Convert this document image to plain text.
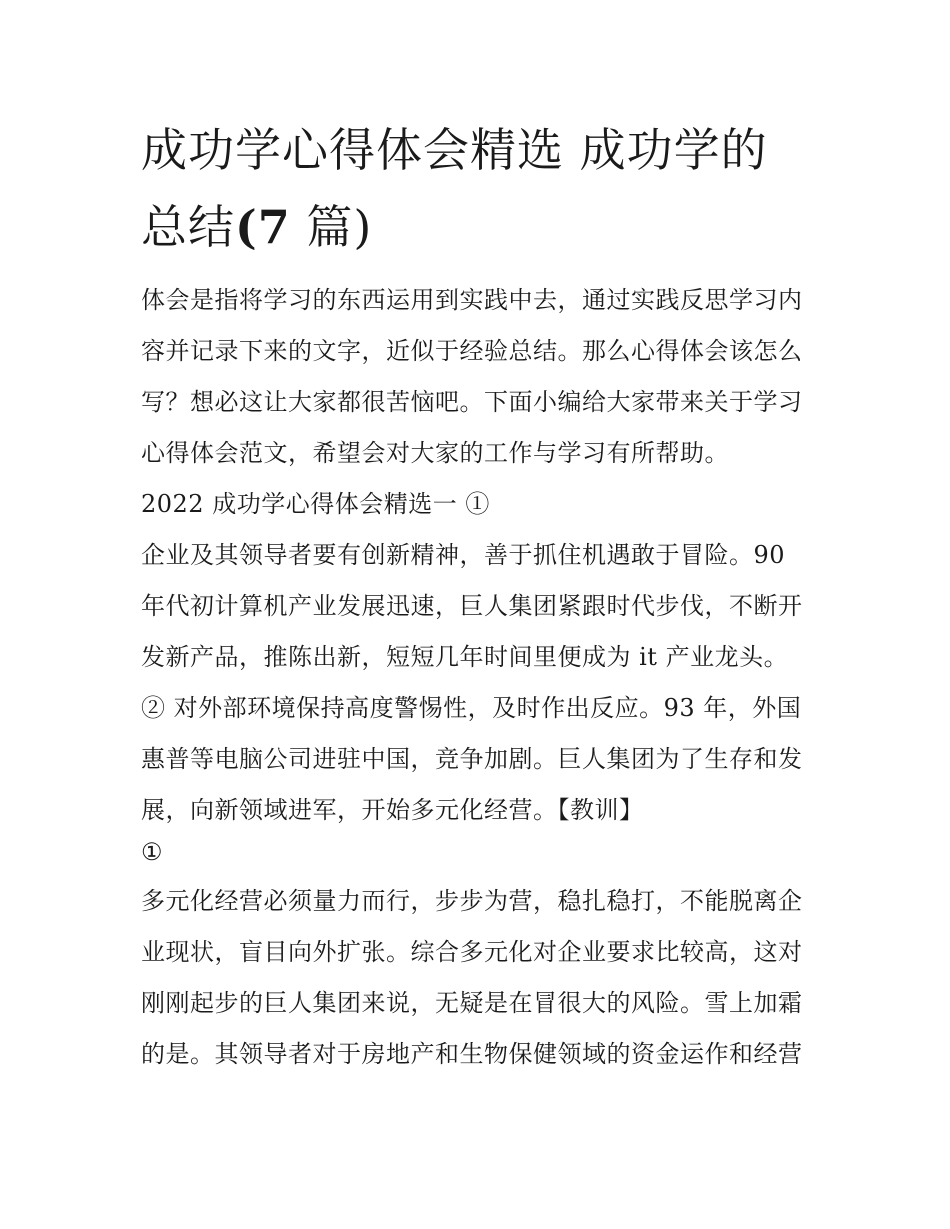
成功学心得体会精选 成功学的
总结(7 篇)

体会是指将学习的东西运用到实践中去，通过实践反思学习内

容并记录下来的文字，近似于经验总结。那么心得体会该怎么

写？想必这让大家都很苦恼吧。下面小编给大家带来关于学习

心得体会范文，希望会对大家的工作与学习有所帮助。

2022 成功学心得体会精选一 ①

企业及其领导者要有创新精神，善于抓住机遇敢于冒险。90

年代初计算机产业发展迅速，巨人集团紧跟时代步伐，不断开

发新产品，推陈出新，短短几年时间里便成为 it 产业龙头。

② 对外部环境保持高度警惕性，及时作出反应。93 年，外国

惠普等电脑公司进驻中国，竞争加剧。巨人集团为了生存和发

展，向新领域进军，开始多元化经营。【教训】

①

多元化经营必须量力而行，步步为营，稳扎稳打，不能脱离企

业现状，盲目向外扩张。综合多元化对企业要求比较高，这对

刚刚起步的巨人集团来说，无疑是在冒很大的风险。雪上加霜

的是。其领导者对于房地产和生物保健领域的资金运作和经营
